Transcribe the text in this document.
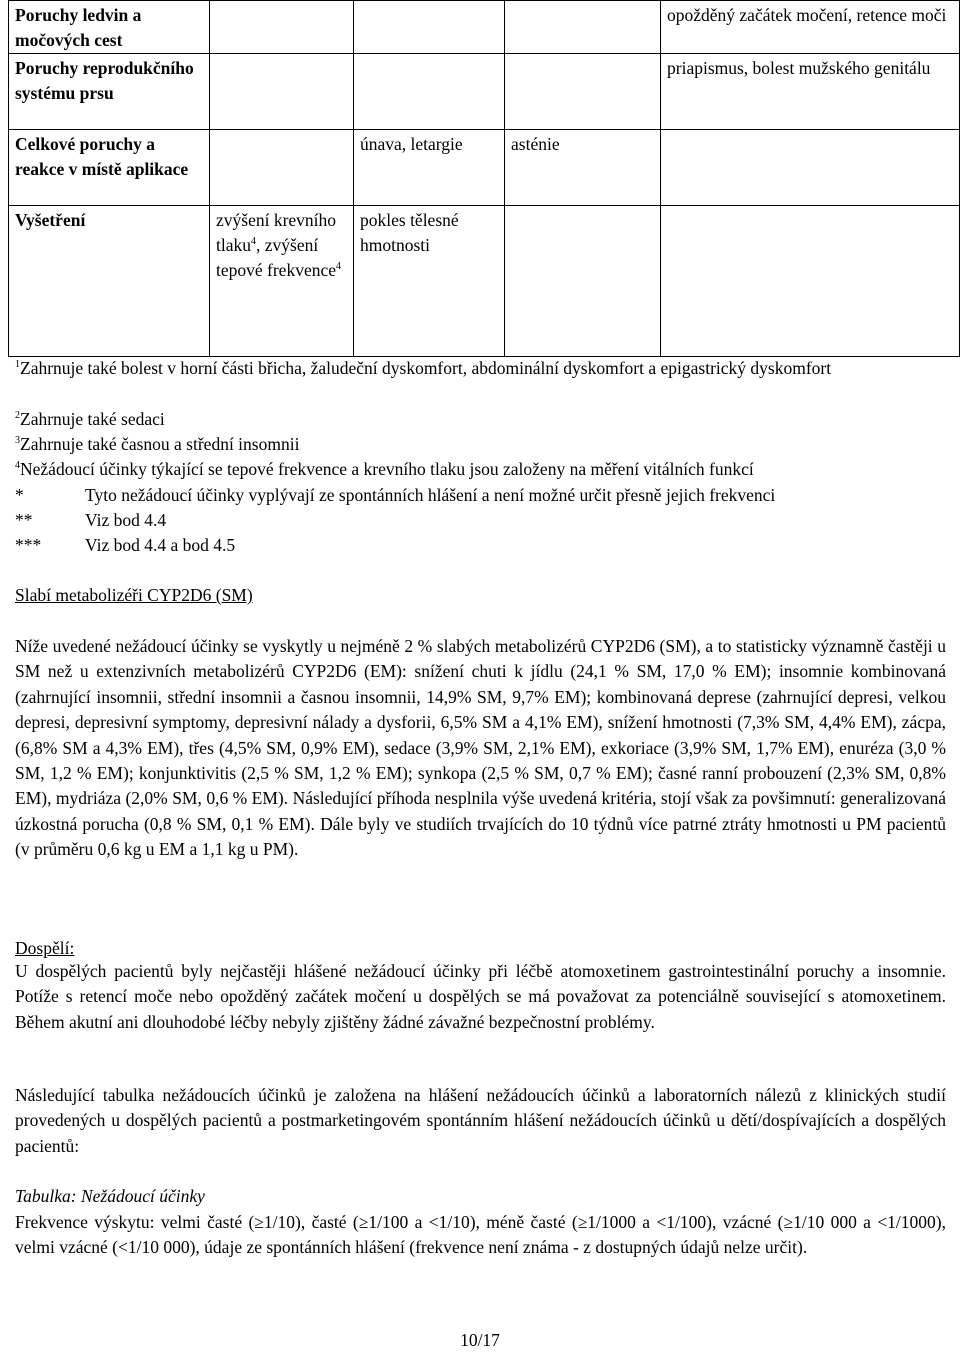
Poruchy ledvin a močových cest				opožděný začátek močení, retence moči
Poruchy reprodukčního systému prsu				priapismus, bolest mužského genitálu
Celkové poruchy a reakce v místě aplikace		únava, letargie	asténie	
Vyšetření	zvýšení krevního tlaku$^4$, zvýšení tepové frekvence$^4$	pokles tělesné hmotnosti		
$^1$Zahrnuje také bolest v horní části břicha, žaludeční dyskomfort, abdominální dyskomfort a epigastrický dyskomfort
$^2$Zahrnuje také sedaci
$^3$Zahrnuje také časnou a střední insomnii
$^4$Nežádoucí účinky týkající se tepové frekvence a krevního tlaku jsou založeny na měření vitálních funkcí
*	Tyto nežádoucí účinky vyplývají ze spontánních hlášení a není možné určit přesně jejich frekvenci
**	Viz bod 4.4
***	Viz bod 4.4 a bod 4.5
Slabí metabolizéři CYP2D6 (SM)
Níže uvedené nežádoucí účinky se vyskytly u nejméně 2 % slabých metabolizérů CYP2D6 (SM), a to statisticky významně častěji u SM než u extenzivních metabolizérů CYP2D6 (EM): snížení chuti k jídlu (24,1 % SM, 17,0 % EM); insomnie kombinovaná (zahrnující insomnii, střední insomnii a časnou insomnii, 14,9% SM, 9,7% EM); kombinovaná deprese (zahrnující depresi, velkou depresi, depresivní symptomy, depresivní nálady a dysforii, 6,5% SM a 4,1% EM), snížení hmotnosti (7,3% SM, 4,4% EM), zácpa, (6,8% SM a 4,3% EM), třes (4,5% SM, 0,9% EM), sedace (3,9% SM, 2,1% EM), exkoriace (3,9% SM, 1,7% EM), enuréza (3,0 % SM, 1,2 % EM); konjunktivitis (2,5 % SM, 1,2 % EM); synkopa (2,5 % SM, 0,7 % EM); časné ranní probouzení (2,3% SM, 0,8% EM), mydriáza (2,0% SM, 0,6 % EM). Následující příhoda nesplnila výše uvedená kritéria, stojí však za povšimnutí: generalizovaná úzkostná porucha (0,8 % SM, 0,1 % EM). Dále byly ve studiích trvajících do 10 týdnů více patrné ztráty hmotnosti u PM pacientů (v průměru 0,6 kg u EM a 1,1 kg u PM).
Dospělí:
U dospělých pacientů byly nejčastěji hlášené nežádoucí účinky při léčbě atomoxetinem gastrointestinální poruchy a insomnie. Potíže s retencí moče nebo opožděný začátek močení u dospělých se má považovat za potenciálně související s atomoxetinem. Během akutní ani dlouhodobé léčby nebyly zjištěny žádné závažné bezpečnostní problémy.
Následující tabulka nežádoucích účinků je založena na hlášení nežádoucích účinků a laboratorních nálezů z klinických studií provedených u dospělých pacientů a postmarketingovém spontánním hlášení nežádoucích účinků u dětí/dospívajících a dospělých pacientů:
Tabulka: Nežádoucí účinky
Frekvence výskytu: velmi časté (≥1/10), časté (≥1/100 a <1/10), méně časté (≥1/1000 a <1/100), vzácné (≥1/10 000 a <1/1000), velmi vzácné (<1/10 000), údaje ze spontánních hlášení (frekvence není známa - z dostupných údajů nelze určit).
10/17
